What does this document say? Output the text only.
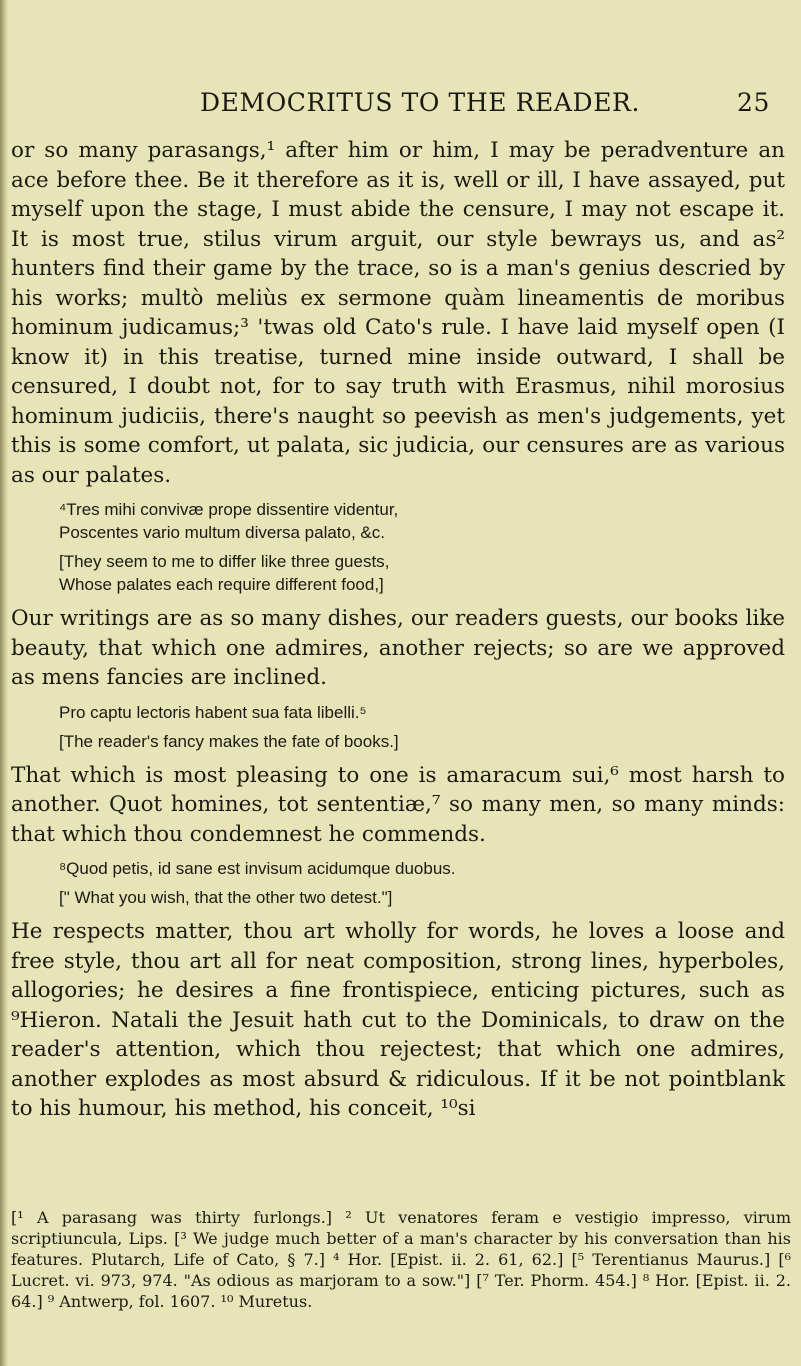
DEMOCRITUS TO THE READER.	25

or so many parasangs,¹ after him or him, I may be peradventure an ace before thee. Be it therefore as it is, well or ill, I have assayed, put myself upon the stage, I must abide the censure, I may not escape it. It is most true, stilus virum arguit, our style bewrays us, and as² hunters find their game by the trace, so is a man's genius descried by his works; multò meliùs ex sermone quàm lineamentis de moribus hominum judicamus;³ 'twas old Cato's rule. I have laid myself open (I know it) in this treatise, turned mine inside outward, I shall be censured, I doubt not, for to say truth with Erasmus, nihil morosius hominum judiciis, there's naught so peevish as men's judgements, yet this is some comfort, ut palata, sic judicia, our censures are as various as our palates.

⁴Tres mihi convivæ prope dissentire videntur,
Poscentes vario multum diversa palato, &c.
[They seem to me to differ like three guests,
Whose palates each require different food,]

Our writings are as so many dishes, our readers guests, our books like beauty, that which one admires, another rejects; so are we approved as mens fancies are inclined.

Pro captu lectoris habent sua fata libelli.⁵
[The reader's fancy makes the fate of books.]

That which is most pleasing to one is amaracum sui,⁶ most harsh to another. Quot homines, tot sententiæ,⁷ so many men, so many minds: that which thou condemnest he commends.

⁸Quod petis, id sane est invisum acidumque duobus.
[" What you wish, that the other two detest."]

He respects matter, thou art wholly for words, he loves a loose and free style, thou art all for neat composition, strong lines, hyperboles, allogories; he desires a fine frontispiece, enticing pictures, such as ⁹Hieron. Natali the Jesuit hath cut to the Dominicals, to draw on the reader's attention, which thou rejectest; that which one admires, another explodes as most absurd & ridiculous. If it be not pointblank to his humour, his method, his conceit, ¹⁰si

[¹ A parasang was thirty furlongs.] ² Ut venatores feram e vestigio impresso, virum scriptiuncula, Lips. [³ We judge much better of a man's character by his conversation than his features. Plutarch, Life of Cato, § 7.] ⁴ Hor. [Epist. ii. 2. 61, 62.] [⁵ Terentianus Maurus.] [⁶ Lucret. vi. 973, 974. "As odious as marjoram to a sow."] [⁷ Ter. Phorm. 454.] ⁸ Hor. [Epist. ii. 2. 64.] ⁹ Antwerp, fol. 1607. ¹⁰ Muretus.
